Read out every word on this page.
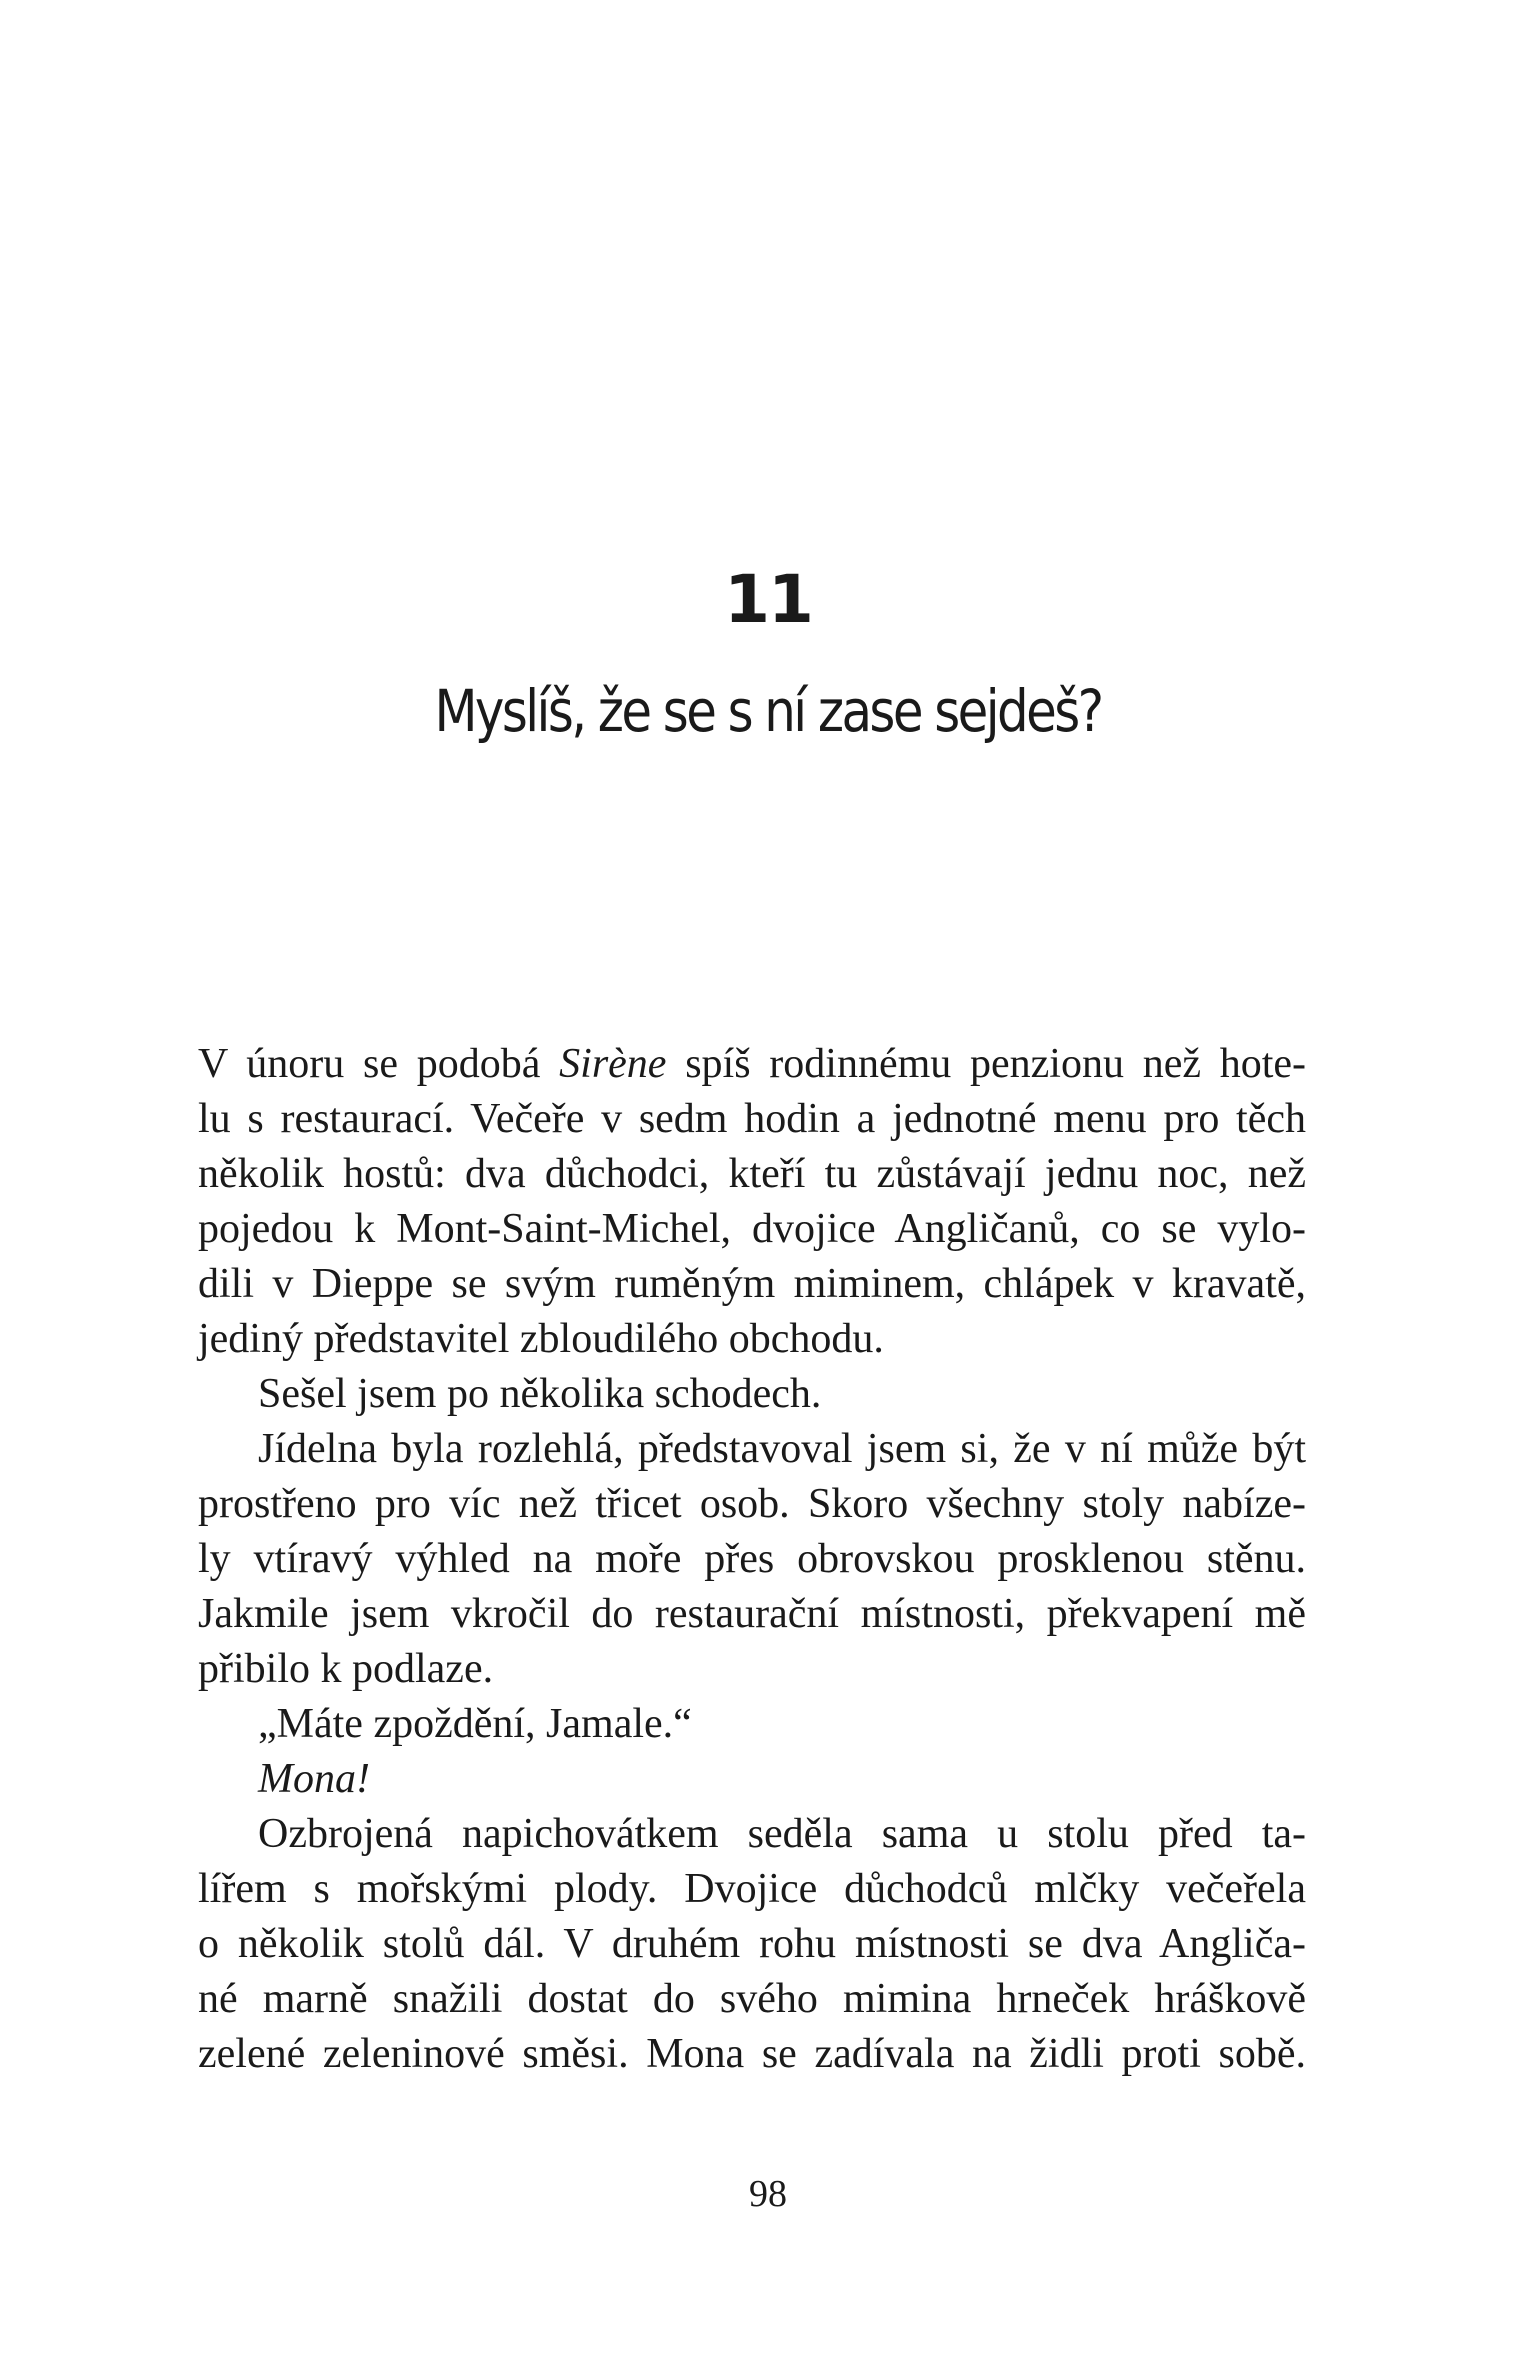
11
Myslíš, že se s ní zase sejdeš?
V únoru se podobá Sirène spíš rodinnému penzionu než hote-
lu s restaurací. Večeře v sedm hodin a jednotné menu pro těch
několik hostů: dva důchodci, kteří tu zůstávají jednu noc, než
pojedou k Mont-Saint-Michel, dvojice Angličanů, co se vylo-
dili v Dieppe se svým ruměným miminem, chlápek v kravatě,
jediný představitel zbloudilého obchodu.
Sešel jsem po několika schodech.
Jídelna byla rozlehlá, představoval jsem si, že v ní může být
prostřeno pro víc než třicet osob. Skoro všechny stoly nabíze-
ly vtíravý výhled na moře přes obrovskou prosklenou stěnu.
Jakmile jsem vkročil do restaurační místnosti, překvapení mě
přibilo k podlaze.
„Máte zpoždění, Jamale.“
Mona!
Ozbrojená napichovátkem seděla sama u stolu před ta-
lířem s mořskými plody. Dvojice důchodců mlčky večeřela
o několik stolů dál. V druhém rohu místnosti se dva Angliča-
né marně snažili dostat do svého mimina hrneček hráškově
zelené zeleninové směsi. Mona se zadívala na židli proti sobě.
98
